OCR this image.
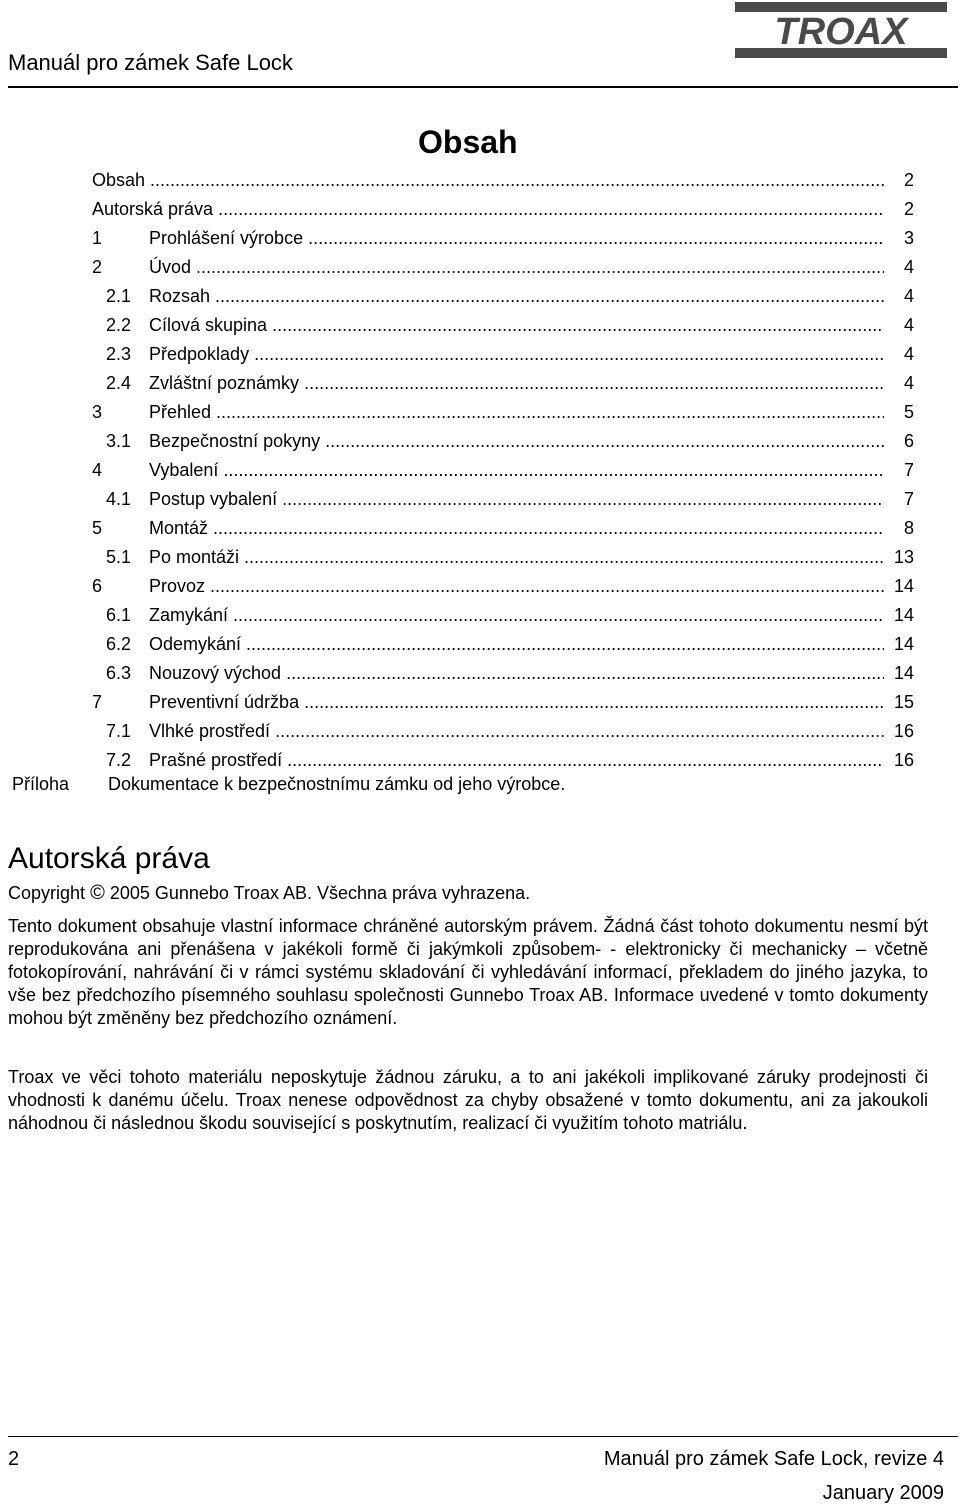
Manuál pro zámek Safe Lock
TROAX
Obsah
Obsah .....	2
Autorská práva .....	2
1	Prohlášení výrobce .....	3
2	Úvod .....	4
2.1 Rozsah .....	4
2.2 Cílová skupina .....	4
2.3 Předpoklady .....	4
2.4 Zvláštní poznámky .....	4
3	Přehled .....	5
3.1 Bezpečnostní pokyny .....	6
4	Vybalení .....	7
4.1 Postup vybalení .....	7
5	Montáž .....	8
5.1 Po montáži .....	13
6	Provoz .....	14
6.1 Zamykání .....	14
6.2 Odemykání .....	14
6.3 Nouzový východ .....	14
7	Preventivní údržba .....	15
7.1 Vlhké prostředí .....	16
7.2 Prašné prostředí .....	16
Příloha Dokumentace k bezpečnostnímu zámku od jeho výrobce.
Autorská práva
Copyright © 2005 Gunnebo Troax AB. Všechna práva vyhrazena.
Tento dokument obsahuje vlastní informace chráněné autorským právem. Žádná část tohoto dokumentu nesmí být reprodukována ani přenášena v jakékoli formě či jakýmkoli způsobem- - elektronicky či mechanicky – včetně fotokopírování, nahrávání či v rámci systému skladování či vyhledávání informací, překladem do jiného jazyka, to vše bez předchozího písemného souhlasu společnosti Gunnebo Troax AB. Informace uvedené v tomto dokumenty mohou být změněny bez předchozího oznámení.
Troax ve věci tohoto materiálu neposkytuje žádnou záruku, a to ani jakékoli implikované záruky prodejnosti či vhodnosti k danému účelu. Troax nenese odpovědnost za chyby obsažené v tomto dokumentu, ani za jakoukoli náhodnou či následnou škodu související s poskytnutím, realizací či využitím tohoto matriálu.
2	Manuál pro zámek Safe Lock, revize 4
January 2009
